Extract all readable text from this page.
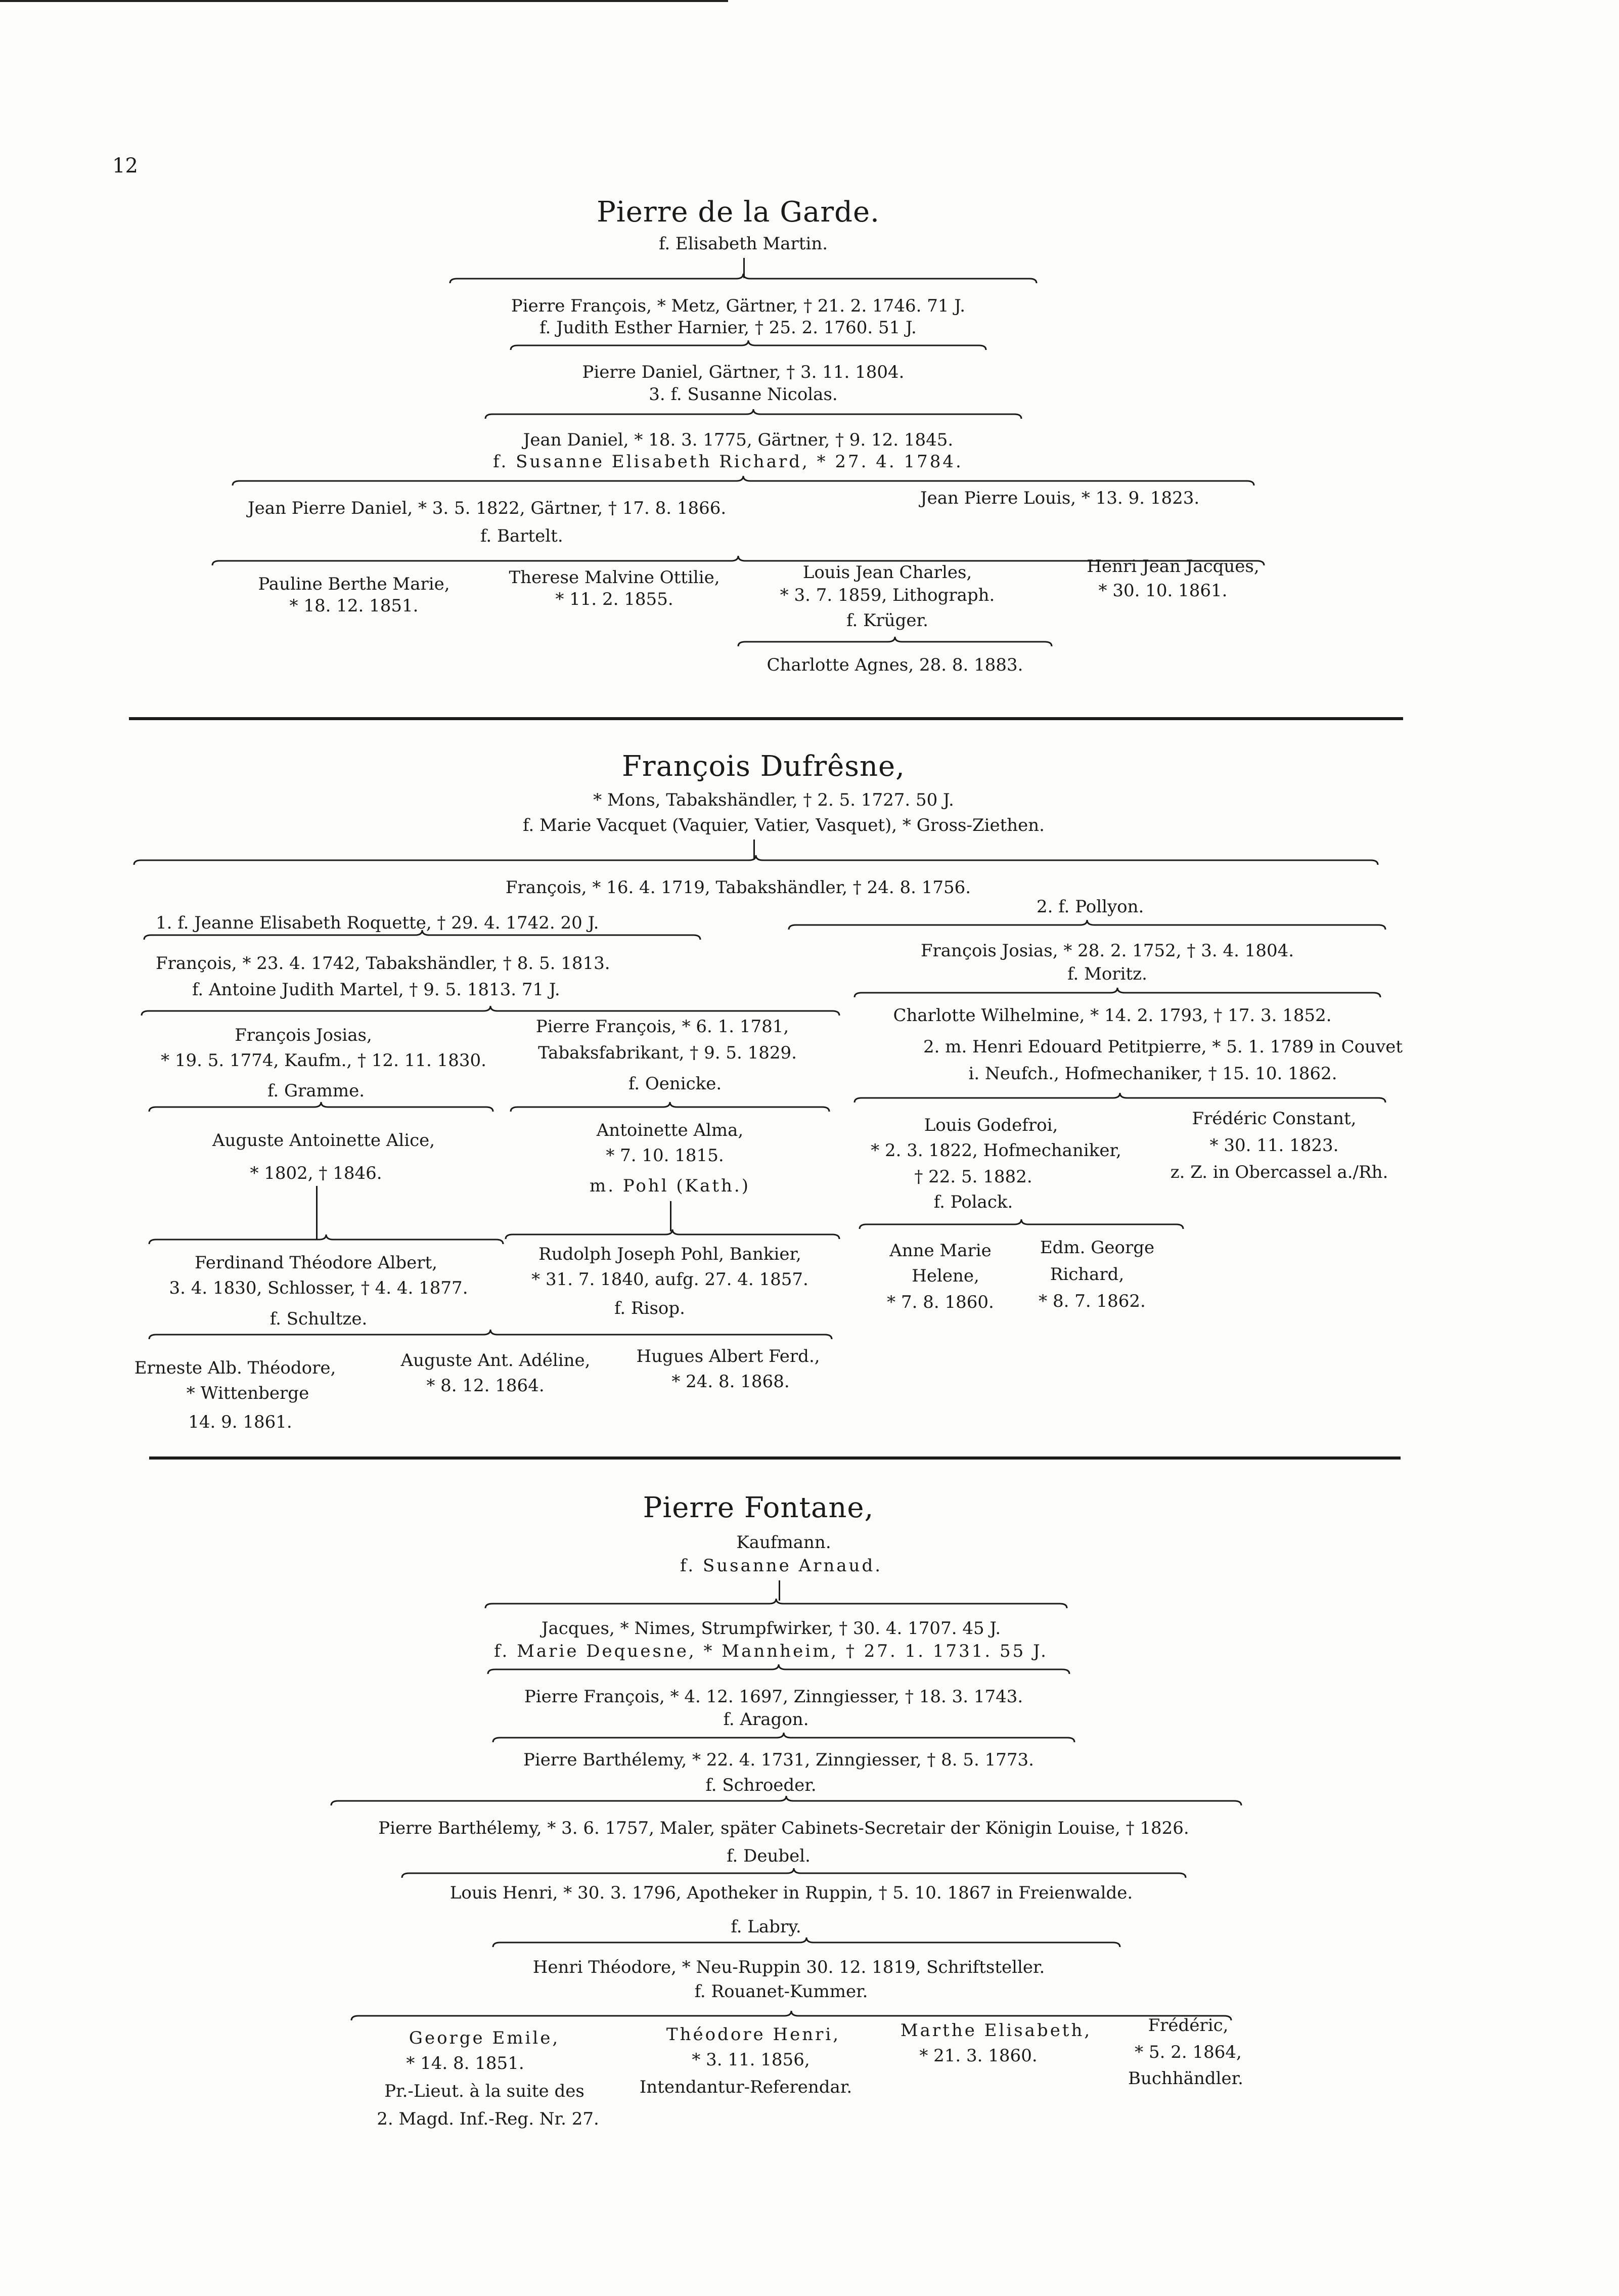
12
Pierre de la Garde.
f. Elisabeth Martin.
Pierre François, * Metz, Gärtner, † 21. 2. 1746. 71 J.
f. Judith Esther Harnier, † 25. 2. 1760. 51 J.
Pierre Daniel, Gärtner, † 3. 11. 1804.
3. f. Susanne Nicolas.
Jean Daniel, * 18. 3. 1775, Gärtner, † 9. 12. 1845.
f. Susanne Elisabeth Richard, * 27. 4. 1784.
Jean Pierre Daniel, * 3. 5. 1822, Gärtner, † 17. 8. 1866.
f. Bartelt.
Jean Pierre Louis, * 13. 9. 1823.
Pauline Berthe Marie,
* 18. 12. 1851.
Therese Malvine Ottilie,
* 11. 2. 1855.
Louis Jean Charles,
* 3. 7. 1859, Lithograph.
f. Krüger.
Henri Jean Jacques,
* 30. 10. 1861.
Charlotte Agnes, 28. 8. 1883.
François Dufrêsne,
* Mons, Tabakshändler, † 2. 5. 1727. 50 J.
f. Marie Vacquet (Vaquier, Vatier, Vasquet), * Gross-Ziethen.
François, * 16. 4. 1719, Tabakshändler, † 24. 8. 1756.
1. f. Jeanne Elisabeth Roquette, † 29. 4. 1742. 20 J.
2. f. Pollyon.
François, * 23. 4. 1742, Tabakshändler, † 8. 5. 1813.
f. Antoine Judith Martel, † 9. 5. 1813. 71 J.
François Josias, * 28. 2. 1752, † 3. 4. 1804.
f. Moritz.
François Josias,
* 19. 5. 1774, Kaufm., † 12. 11. 1830.
f. Gramme.
Pierre François, * 6. 1. 1781,
Tabaksfabrikant, † 9. 5. 1829.
f. Oenicke.
Charlotte Wilhelmine, * 14. 2. 1793, † 17. 3. 1852.
2. m. Henri Edouard Petitpierre, * 5. 1. 1789 in Couvet
i. Neufch., Hofmechaniker, † 15. 10. 1862.
Auguste Antoinette Alice,
* 1802, † 1846.
Antoinette Alma,
* 7. 10. 1815.
m. Pohl (Kath.)
Louis Godefroi,
* 2. 3. 1822, Hofmechaniker,
† 22. 5. 1882.
f. Polack.
Frédéric Constant,
* 30. 11. 1823.
z. Z. in Obercassel a./Rh.
Ferdinand Théodore Albert,
3. 4. 1830, Schlosser, † 4. 4. 1877.
f. Schultze.
Rudolph Joseph Pohl, Bankier,
* 31. 7. 1840, aufg. 27. 4. 1857.
f. Risop.
Anne Marie
Helene,
* 7. 8. 1860.
Edm. George
Richard,
* 8. 7. 1862.
Erneste Alb. Théodore,
* Wittenberge
14. 9. 1861.
Auguste Ant. Adéline,
* 8. 12. 1864.
Hugues Albert Ferd.,
* 24. 8. 1868.
Pierre Fontane,
Kaufmann.
f. Susanne Arnaud.
Jacques, * Nimes, Strumpfwirker, † 30. 4. 1707. 45 J.
f. Marie Dequesne, * Mannheim, † 27. 1. 1731. 55 J.
Pierre François, * 4. 12. 1697, Zinngiesser, † 18. 3. 1743.
f. Aragon.
Pierre Barthélemy, * 22. 4. 1731, Zinngiesser, † 8. 5. 1773.
f. Schroeder.
Pierre Barthélemy, * 3. 6. 1757, Maler, später Cabinets-Secretair der Königin Louise, † 1826.
f. Deubel.
Louis Henri, * 30. 3. 1796, Apotheker in Ruppin, † 5. 10. 1867 in Freienwalde.
f. Labry.
Henri Théodore, * Neu-Ruppin 30. 12. 1819, Schriftsteller.
f. Rouanet-Kummer.
George Emile,
* 14. 8. 1851.
Pr.-Lieut. à la suite des
2. Magd. Inf.-Reg. Nr. 27.
Théodore Henri,
* 3. 11. 1856,
Intendantur-Referendar.
Marthe Elisabeth,
* 21. 3. 1860.
Frédéric,
* 5. 2. 1864,
Buchhändler.
